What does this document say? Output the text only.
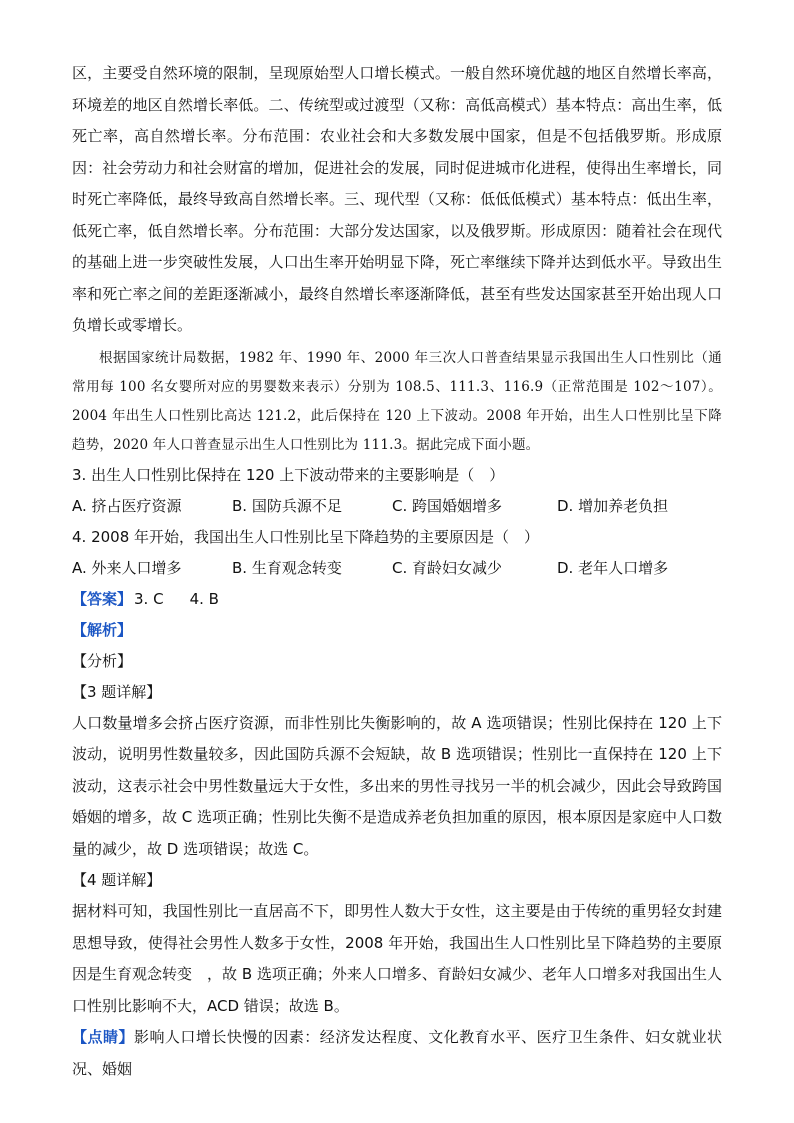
区，主要受自然环境的限制，呈现原始型人口增长模式。一般自然环境优越的地区自然增长率高，环境差的地区自然增长率低。二、传统型或过渡型（又称：高低高模式）基本特点：高出生率，低死亡率，高自然增长率。分布范围：农业社会和大多数发展中国家，但是不包括俄罗斯。形成原因：社会劳动力和社会财富的增加，促进社会的发展，同时促进城市化进程，使得出生率增长，同时死亡率降低，最终导致高自然增长率。三、现代型（又称：低低低模式）基本特点：低出生率，低死亡率，低自然增长率。分布范围：大部分发达国家，以及俄罗斯。形成原因：随着社会在现代的基础上进一步突破性发展，人口出生率开始明显下降，死亡率继续下降并达到低水平。导致出生率和死亡率之间的差距逐渐减小，最终自然增长率逐渐降低，甚至有些发达国家甚至开始出现人口负增长或零增长。

根据国家统计局数据，1982 年、1990 年、2000 年三次人口普查结果显示我国出生人口性别比（通常用每 100 名女婴所对应的男婴数来表示）分别为 108.5、111.3、116.9（正常范围是 102～107）。2004 年出生人口性别比高达 121.2，此后保持在 120 上下波动。2008 年开始，出生人口性别比呈下降趋势，2020 年人口普查显示出生人口性别比为 111.3。据此完成下面小题。

3. 出生人口性别比保持在 120 上下波动带来的主要影响是（　）

A. 挤占医疗资源	B. 国防兵源不足	C. 跨国婚姻增多	D. 增加养老负担

4. 2008 年开始，我国出生人口性别比呈下降趋势的主要原因是（　）

A. 外来人口增多	B. 生育观念转变	C. 育龄妇女减少	D. 老年人口增多

【答案】 3. C 4. B

【解析】

【分析】

【3 题详解】

人口数量增多会挤占医疗资源，而非性别比失衡影响的，故 A 选项错误；性别比保持在 120 上下波动，说明男性数量较多，因此国防兵源不会短缺，故 B 选项错误；性别比一直保持在 120 上下波动，这表示社会中男性数量远大于女性，多出来的男性寻找另一半的机会减少，因此会导致跨国婚姻的增多，故 C 选项正确；性别比失衡不是造成养老负担加重的原因，根本原因是家庭中人口数量的减少，故 D 选项错误；故选 C。

【4 题详解】

据材料可知，我国性别比一直居高不下，即男性人数大于女性，这主要是由于传统的重男轻女封建思想导致，使得社会男性人数多于女性，2008 年开始，我国出生人口性别比呈下降趋势的主要原因是生育观念转变　，故 B 选项正确；外来人口增多、育龄妇女减少、老年人口增多对我国出生人口性别比影响不大，ACD 错误；故选 B。

【点睛】影响人口增长快慢的因素：经济发达程度、文化教育水平、医疗卫生条件、妇女就业状况、婚姻
